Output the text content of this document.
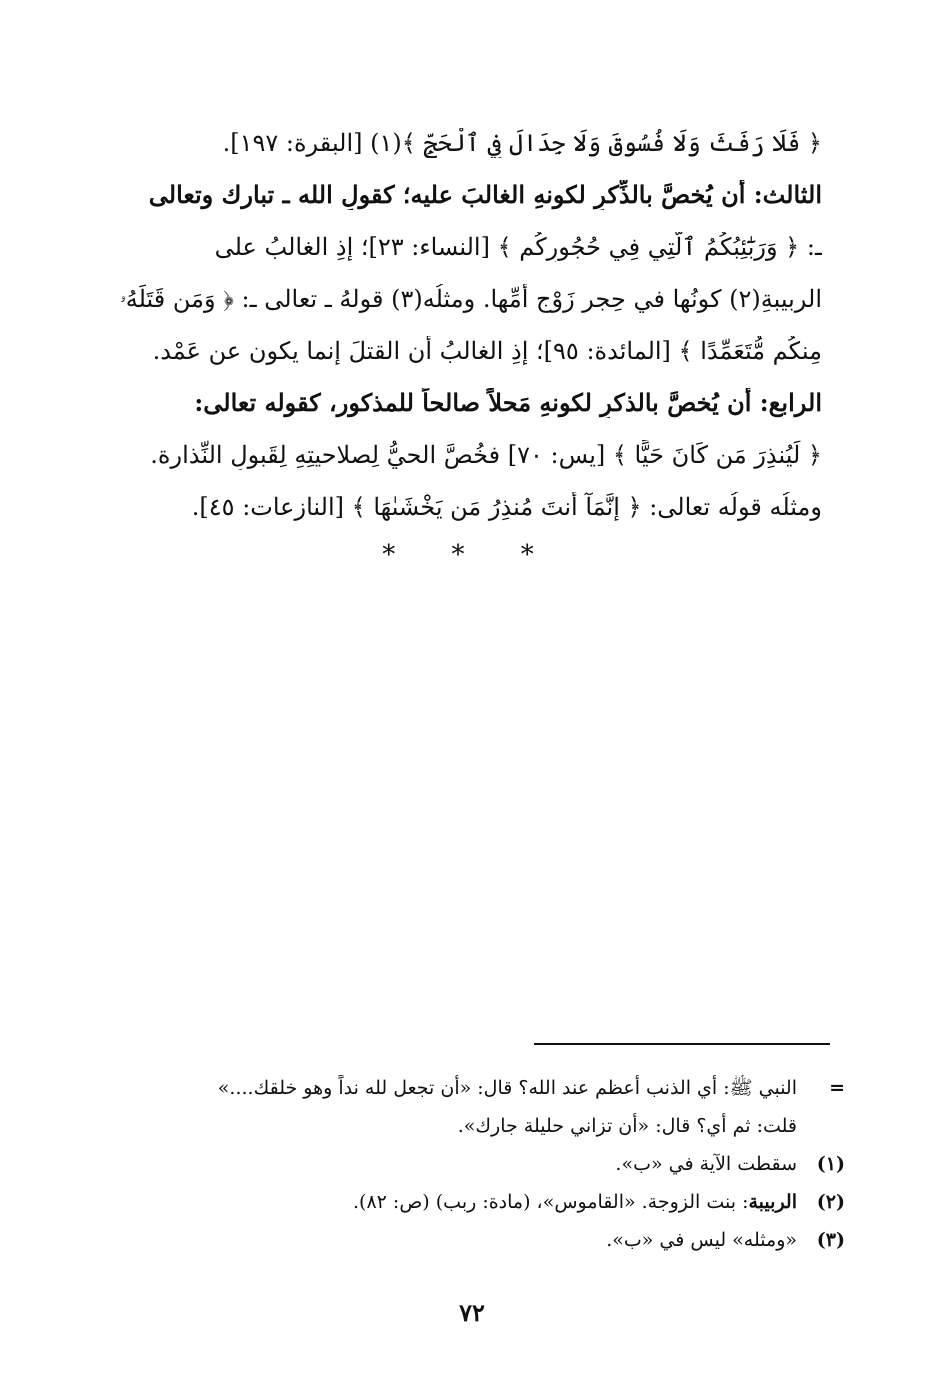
﴿ فَلَا رَفَثَ وَلَا فُسُوقَ وَلَا جِدَالَ فِي ٱلْحَجِّ ﴾(١) [البقرة: ١٩٧].
الثالث: أن يُخصَّ بالذِّكرِ لكونهِ الغالبَ عليه؛ كقولِ الله ـ تبارك وتعالى
ـ: ﴿ وَرَبَٰٓئِبُكُمُ ٱلَّتِي فِي حُجُورِكُم ﴾ [النساء: ٢٣]؛ إذِ الغالبُ على
الربيبةِ(٢) كونُها في حِجر زَوْجِ أُمِّها. ومثلُه(٣) قولهُ ـ تعالى ـ: ﴿ وَمَن قَتَلَهُۥ
مِنكُم مُّتَعَمِّدًا ﴾ [المائدة: ٩٥]؛ إذِ الغالبُ أن القتلَ إنما يكون عن عَمْد.
الرابع: أن يُخصَّ بالذكرِ لكونهِ مَحلاً صالحاً للمذكور، كقوله تعالى:
﴿ لِّيُنذِرَ مَن كَانَ حَيًّا ﴾ [يس: ٧٠] فخُصَّ الحيُّ لِصلاحيتِهِ لِقَبولِ النِّذارة.
ومثلُه قولُه تعالى: ﴿ إِنَّمَآ أَنتَ مُنذِرُ مَن يَخْشَىٰهَا ﴾ [النازعات: ٤٥].
* * *
=النبي ﷺ: أي الذنب أعظم عند الله؟ قال: «أن تجعل لله نداً وهو خلقك....»
قلت: ثم أي؟ قال: «أن تزاني حليلة جارك».
(١)سقطت الآية في «ب».
(٢)الربيبة: بنت الزوجة. «القاموس»، (مادة: ربب) (ص: ٨٢).
(٣)«ومثله» ليس في «ب».
٧٢
